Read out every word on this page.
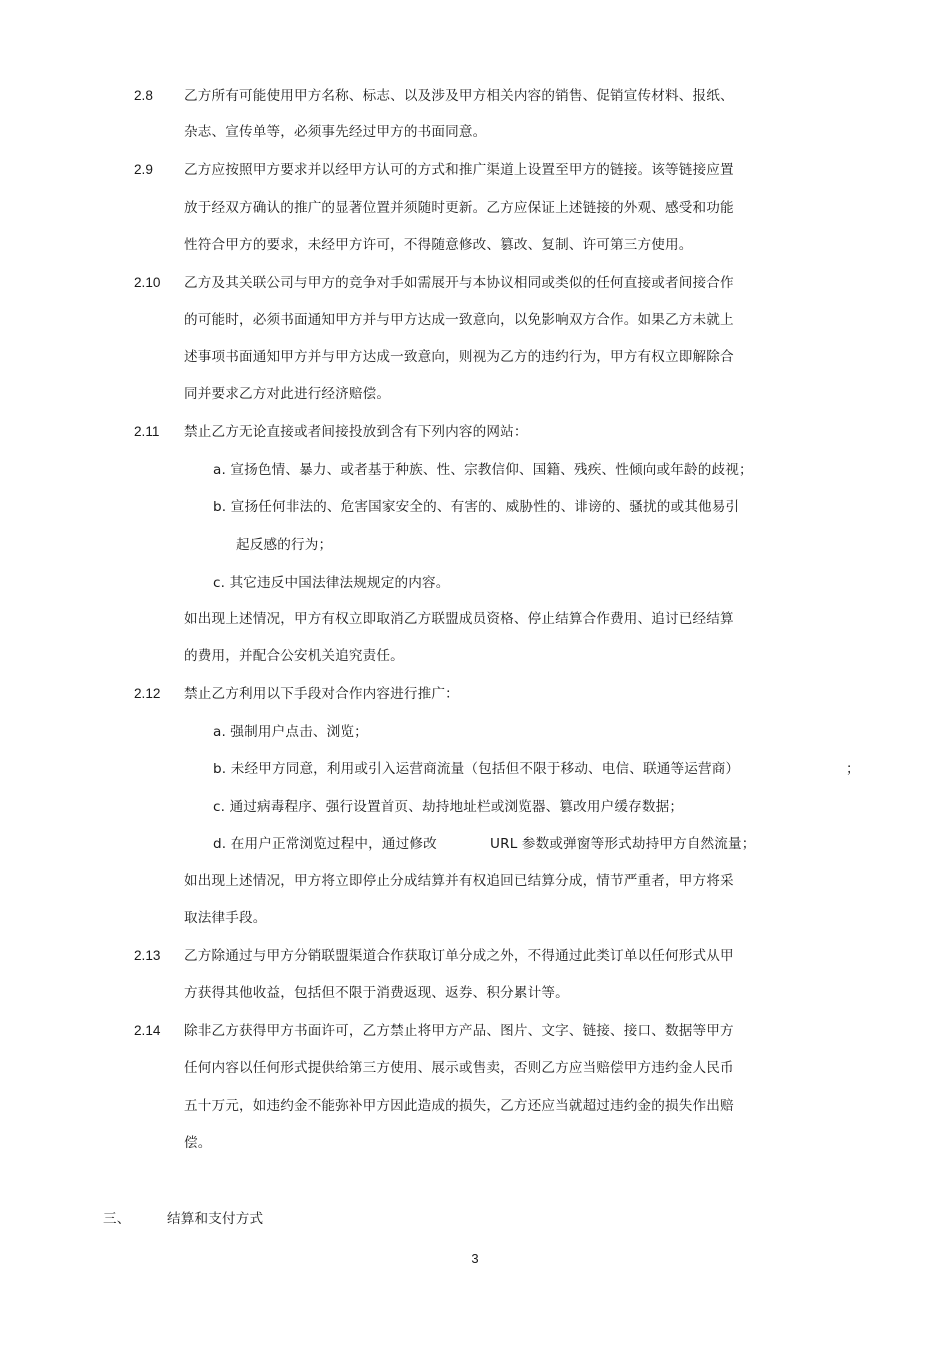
2.8 乙方所有可能使用甲方名称、标志、以及涉及甲方相关内容的销售、促销宣传材料、报纸、
杂志、宣传单等，必须事先经过甲方的书面同意。
2.9 乙方应按照甲方要求并以经甲方认可的方式和推广渠道上设置至甲方的链接。该等链接应置
放于经双方确认的推广的显著位置并须随时更新。乙方应保证上述链接的外观、感受和功能
性符合甲方的要求，未经甲方许可，不得随意修改、篡改、复制、许可第三方使用。
2.10 乙方及其关联公司与甲方的竞争对手如需展开与本协议相同或类似的任何直接或者间接合作
的可能时，必须书面通知甲方并与甲方达成一致意向，以免影响双方合作。如果乙方未就上
述事项书面通知甲方并与甲方达成一致意向，则视为乙方的违约行为，甲方有权立即解除合
同并要求乙方对此进行经济赔偿。
2.11 禁止乙方无论直接或者间接投放到含有下列内容的网站：
a. 宣扬色情、暴力、或者基于种族、性、宗教信仰、国籍、残疾、性倾向或年龄的歧视；
b. 宣扬任何非法的、危害国家安全的、有害的、威胁性的、诽谤的、骚扰的或其他易引
起反感的行为；
c. 其它违反中国法律法规规定的内容。
如出现上述情况，甲方有权立即取消乙方联盟成员资格、停止结算合作费用、追讨已经结算
的费用，并配合公安机关追究责任。
2.12 禁止乙方利用以下手段对合作内容进行推广：
a. 强制用户点击、浏览；
b. 未经甲方同意，利用或引入运营商流量（包括但不限于移动、电信、联通等运营商）	；
c. 通过病毒程序、强行设置首页、劫持地址栏或浏览器、篡改用户缓存数据；
d. 在用户正常浏览过程中，通过修改	URL 参数或弹窗等形式劫持甲方自然流量；
如出现上述情况，甲方将立即停止分成结算并有权追回已结算分成，情节严重者，甲方将采
取法律手段。
2.13 乙方除通过与甲方分销联盟渠道合作获取订单分成之外，不得通过此类订单以任何形式从甲
方获得其他收益，包括但不限于消费返现、返券、积分累计等。
2.14 除非乙方获得甲方书面许可，乙方禁止将甲方产品、图片、文字、链接、接口、数据等甲方
任何内容以任何形式提供给第三方使用、展示或售卖，否则乙方应当赔偿甲方违约金人民币
五十万元，如违约金不能弥补甲方因此造成的损失，乙方还应当就超过违约金的损失作出赔
偿。
三、	结算和支付方式
3
